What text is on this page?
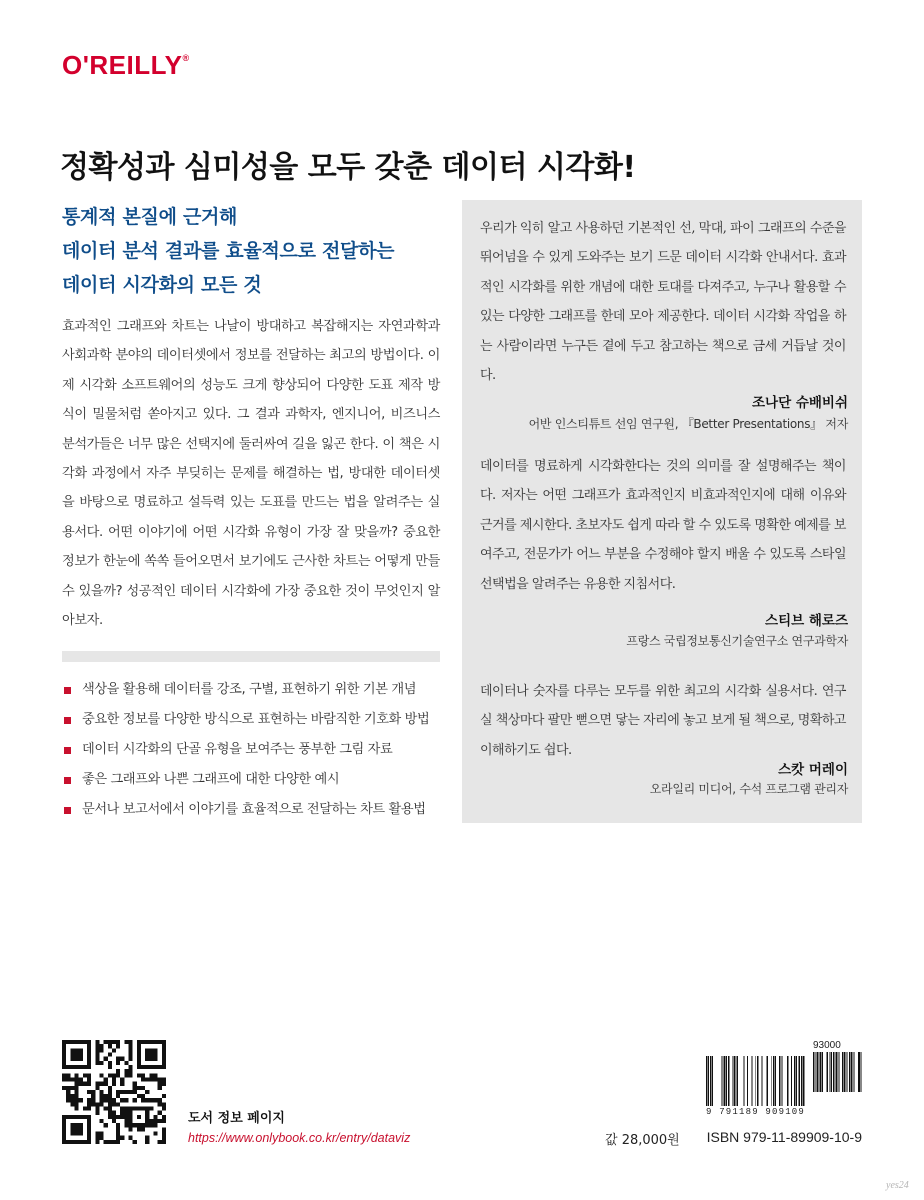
O'REILLY®
정확성과 심미성을 모두 갖춘 데이터 시각화!
통계적 본질에 근거해
데이터 분석 결과를 효율적으로 전달하는
데이터 시각화의 모든 것

효과적인 그래프와 차트는 나날이 방대하고 복잡해지는 자연과학과 사회과학 분야의 데이터셋에서 정보를 전달하는 최고의 방법이다. 이제 시각화 소프트웨어의 성능도 크게 향상되어 다양한 도표 제작 방식이 밀물처럼 쏟아지고 있다. 그 결과 과학자, 엔지니어, 비즈니스 분석가들은 너무 많은 선택지에 둘러싸여 길을 잃곤 한다. 이 책은 시각화 과정에서 자주 부딪히는 문제를 해결하는 법, 방대한 데이터셋을 바탕으로 명료하고 설득력 있는 도표를 만드는 법을 알려주는 실용서다. 어떤 이야기에 어떤 시각화 유형이 가장 잘 맞을까? 중요한 정보가 한눈에 쏙쏙 들어오면서 보기에도 근사한 차트는 어떻게 만들 수 있을까? 성공적인 데이터 시각화에 가장 중요한 것이 무엇인지 알아보자.

우리가 익히 알고 사용하던 기본적인 선, 막대, 파이 그래프의 수준을 뛰어넘을 수 있게 도와주는 보기 드문 데이터 시각화 안내서다. 효과적인 시각화를 위한 개념에 대한 토대를 다져주고, 누구나 활용할 수 있는 다양한 그래프를 한데 모아 제공한다. 데이터 시각화 작업을 하는 사람이라면 누구든 곁에 두고 참고하는 책으로 금세 거듭날 것이다.

조나단 슈배비쉬
어반 인스티튜트 선임 연구원, 『Better Presentations』 저자

데이터를 명료하게 시각화한다는 것의 의미를 잘 설명해주는 책이다. 저자는 어떤 그래프가 효과적인지 비효과적인지에 대해 이유와 근거를 제시한다. 초보자도 쉽게 따라 할 수 있도록 명확한 예제를 보여주고, 전문가가 어느 부분을 수정해야 할지 배울 수 있도록 스타일 선택법을 알려주는 유용한 지침서다.

스티브 해로즈
프랑스 국립정보통신기술연구소 연구과학자

데이터나 숫자를 다루는 모두를 위한 최고의 시각화 실용서다. 연구실 책상마다 팔만 뻗으면 닿는 자리에 놓고 보게 될 책으로, 명확하고 이해하기도 쉽다.

스캇 머레이
오라일리 미디어, 수석 프로그램 관리자
색상을 활용해 데이터를 강조, 구별, 표현하기 위한 기본 개념
중요한 정보를 다양한 방식으로 표현하는 바람직한 기호화 방법
데이터 시각화의 단골 유형을 보여주는 풍부한 그림 자료
좋은 그래프와 나쁜 그래프에 대한 다양한 예시
문서나 보고서에서 이야기를 효율적으로 전달하는 차트 활용법
도서 정보 페이지
https://www.onlybook.co.kr/entry/dataviz
93000
9 791189 909109
값 28,000원 ISBN 979-11-89909-10-9
yes24
